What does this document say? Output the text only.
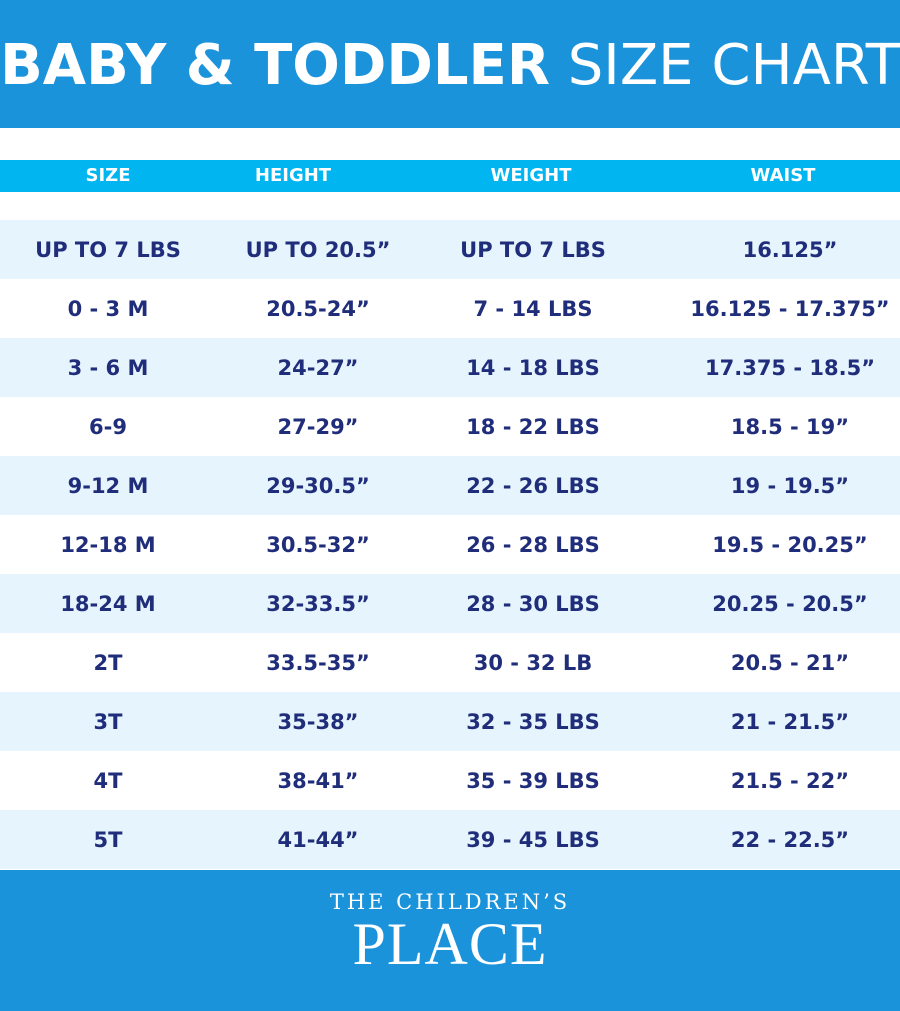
BABY & TODDLER SIZE CHART
SIZE	HEIGHT	WEIGHT	WAIST
UP TO 7 LBS	UP TO 20.5”	UP TO 7 LBS	16.125”
0 - 3 M	20.5-24”	7 - 14 LBS	16.125 - 17.375”
3 - 6 M	24-27”	14 - 18 LBS	17.375 - 18.5”
6-9	27-29”	18 - 22 LBS	18.5 - 19”
9-12 M	29-30.5”	22 - 26 LBS	19 - 19.5”
12-18 M	30.5-32”	26 - 28 LBS	19.5 - 20.25”
18-24 M	32-33.5”	28 - 30 LBS	20.25 - 20.5”
2T	33.5-35”	30 - 32 LB	20.5 - 21”
3T	35-38”	32 - 35 LBS	21 - 21.5”
4T	38-41”	35 - 39 LBS	21.5 - 22”
5T	41-44”	39 - 45 LBS	22 - 22.5”
THE CHILDREN’S
PLACE
